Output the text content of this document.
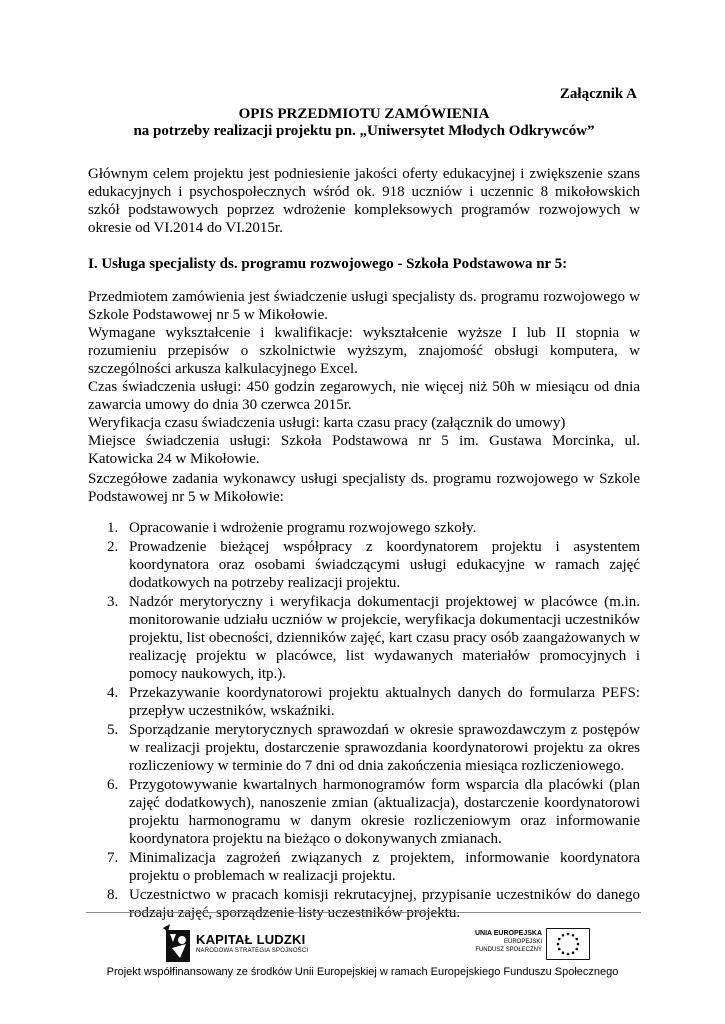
Załącznik A
OPIS PRZEDMIOTU ZAMÓWIENIA
na potrzeby realizacji projektu pn. „Uniwersytet Młodych Odkrywców”
Głównym celem projektu jest podniesienie jakości oferty edukacyjnej i zwiększenie szans edukacyjnych i psychospołecznych wśród ok. 918 uczniów i uczennic 8 mikołowskich szkół podstawowych poprzez wdrożenie kompleksowych programów rozwojowych w okresie od VI.2014 do VI.2015r.
I. Usługa specjalisty ds. programu rozwojowego - Szkoła Podstawowa nr 5:

Przedmiotem zamówienia jest świadczenie usługi specjalisty ds. programu rozwojowego w Szkole Podstawowej nr 5 w Mikołowie.

Wymagane wykształcenie i kwalifikacje: wykształcenie wyższe I lub II stopnia w rozumieniu przepisów o szkolnictwie wyższym, znajomość obsługi komputera, w szczególności arkusza kalkulacyjnego Excel.

Czas świadczenia usługi: 450 godzin zegarowych, nie więcej niż 50h w miesiącu od dnia zawarcia umowy do dnia 30 czerwca 2015r.

Weryfikacja czasu świadczenia usługi: karta czasu pracy (załącznik do umowy)

Miejsce świadczenia usługi: Szkoła Podstawowa nr 5 im. Gustawa Morcinka, ul. Katowicka 24 w Mikołowie.

Szczegółowe zadania wykonawcy usługi specjalisty ds. programu rozwojowego w Szkole Podstawowej nr 5 w Mikołowie:
1. Opracowanie i wdrożenie programu rozwojowego szkoły.
2. Prowadzenie bieżącej współpracy z koordynatorem projektu i asystentem koordynatora oraz osobami świadczącymi usługi edukacyjne w ramach zajęć dodatkowych na potrzeby realizacji projektu.
3. Nadzór merytoryczny i weryfikacja dokumentacji projektowej w placówce (m.in. monitorowanie udziału uczniów w projekcie, weryfikacja dokumentacji uczestników projektu, list obecności, dzienników zajęć, kart czasu pracy osób zaangażowanych w realizację projektu w placówce, list wydawanych materiałów promocyjnych i pomocy naukowych, itp.).
4. Przekazywanie koordynatorowi projektu aktualnych danych do formularza PEFS: przepływ uczestników, wskaźniki.
5. Sporządzanie merytorycznych sprawozdań w okresie sprawozdawczym z postępów w realizacji projektu, dostarczenie sprawozdania koordynatorowi projektu za okres rozliczeniowy w terminie do 7 dni od dnia zakończenia miesiąca rozliczeniowego.
6. Przygotowywanie kwartalnych harmonogramów form wsparcia dla placówki (plan zajęć dodatkowych), nanoszenie zmian (aktualizacja), dostarczenie koordynatorowi projektu harmonogramu w danym okresie rozliczeniowym oraz informowanie koordynatora projektu na bieżąco o dokonywanych zmianach.
7. Minimalizacja zagrożeń związanych z projektem, informowanie koordynatora projektu o problemach w realizacji projektu.
8. Uczestnictwo w pracach komisji rekrutacyjnej, przypisanie uczestników do danego rodzaju zajęć, sporządzenie listy uczestników projektu.
KAPITAŁ LUDZKI
NARODOWA STRATEGIA SPÓJNOŚCI
UNIA EUROPEJSKA
EUROPEJSKI
FUNDUSZ SPOŁECZNY
Projekt współfinansowany ze środków Unii Europejskiej w ramach Europejskiego Funduszu Społecznego
